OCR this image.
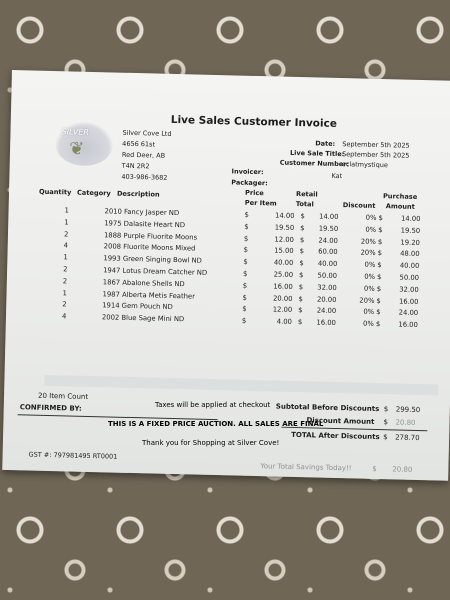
Live Sales Customer Invoice
SILVER
❦
Silver Cove Ltd
4656 61st
Red Deer, AB
T4N 2R2
403-986-3682
Date: September 5th 2025
Live Sale Title:
September 5th 2025
Customer Number:
eclatmystique
Invoicer:	Kat
Packager:
Quantity Category Description	Price
Per Item
Retail
Total	Discount
Purchase
Amount
1	2010 Fancy Jasper ND	$	14.00 $	14.00	0% $	14.00
1	1975 Dalasite Heart ND	$	19.50 $	19.50	0% $	19.50
2	1888 Purple Fluorite Moons	$	12.00 $	24.00	20% $	19.20
4	2008 Fluorite Moons Mixed	$	15.00 $	60.00	20% $	48.00
1	1993 Green Singing Bowl ND	$	40.00 $	40.00	0% $	40.00
2	1947 Lotus Dream Catcher ND	$	25.00 $	50.00	0% $	50.00
2	1867 Abalone Shells ND	$	16.00 $	32.00	0% $	32.00
1	1987 Alberta Metis Feather	$	20.00 $	20.00	20% $	16.00
2	1914 Gem Pouch ND	$	12.00 $	24.00	0% $	24.00
4	2002 Blue Sage Mini ND	$	4.00 $	16.00	0% $	16.00
20 Item Count
CONFIRMED BY:	Subtotal Before Discounts $ 299.50
Discount Amount $ 20.80
TOTAL After Discounts $ 278.70
GST #: 797981495 RT0001
Your Total Savings Today!!	$ 20.80
Taxes will be applied at checkout
THIS IS A FIXED PRICE AUCTION. ALL SALES ARE FINAL
Thank you for Shopping at Silver Cove!
